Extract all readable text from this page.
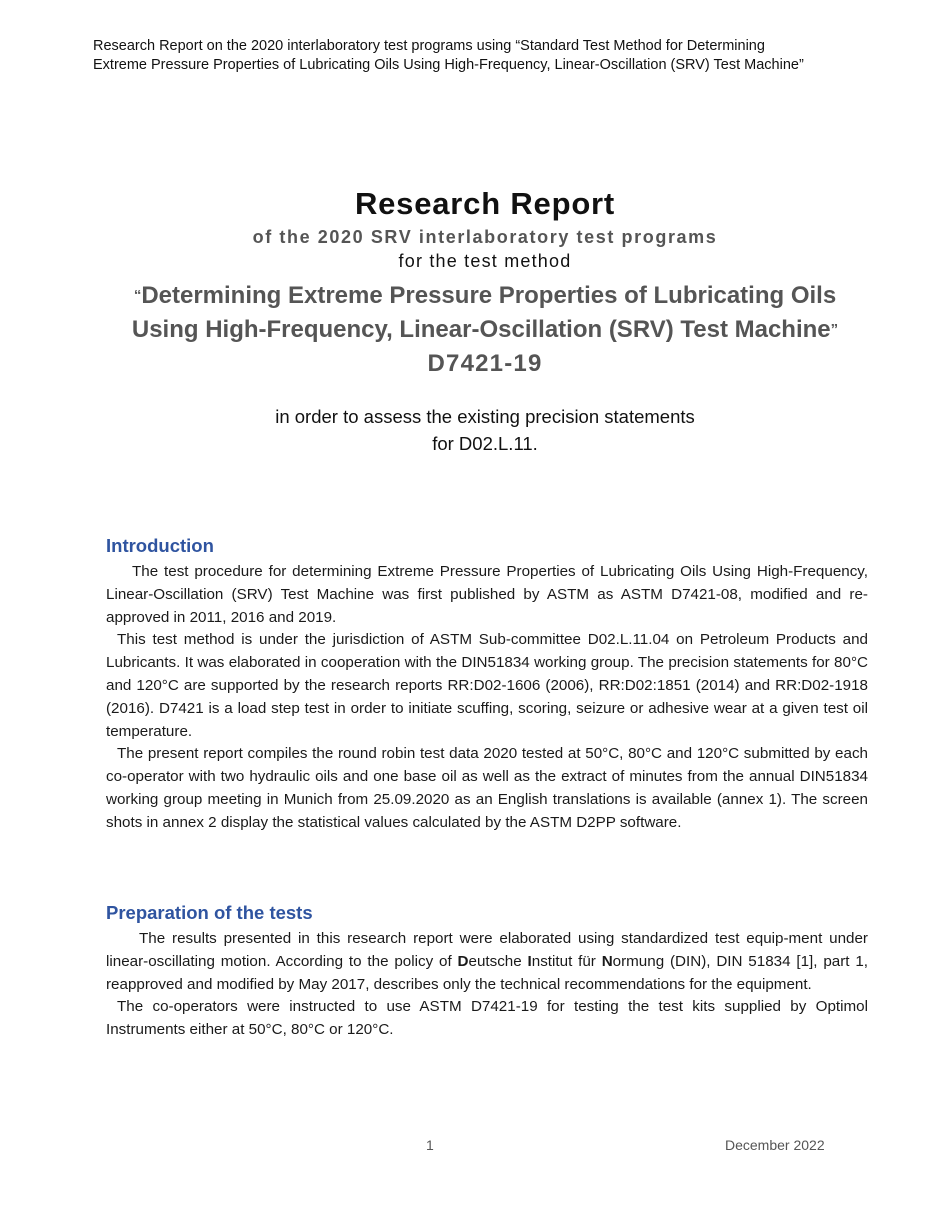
Research Report on the 2020 interlaboratory test programs using “Standard Test Method for Determining
Extreme Pressure Properties of Lubricating Oils Using High-Frequency, Linear-Oscillation (SRV) Test Machine”
Research Report
of the 2020 SRV interlaboratory test programs
for the test method
“Determining Extreme Pressure Properties of Lubricating Oils
Using High-Frequency, Linear-Oscillation (SRV) Test Machine”
D7421-19
in order to assess the existing precision statements
for D02.L.11.
Introduction

The test procedure for determining Extreme Pressure Properties of Lubricating Oils Using High-Frequency, Linear-Oscillation (SRV) Test Machine was first published by ASTM as ASTM D7421-08, modified and re-approved in 2011, 2016 and 2019.

This test method is under the jurisdiction of ASTM Sub-committee D02.L.11.04 on Petroleum Products and Lubricants. It was elaborated in cooperation with the DIN51834 working group. The precision statements for 80°C and 120°C are supported by the research reports RR:D02-1606 (2006), RR:D02:1851 (2014) and RR:D02-1918 (2016). D7421 is a load step test in order to initiate scuffing, scoring, seizure or adhesive wear at a given test oil temperature.

The present report compiles the round robin test data 2020 tested at 50°C, 80°C and 120°C submitted by each co-operator with two hydraulic oils and one base oil as well as the extract of minutes from the annual DIN51834 working group meeting in Munich from 25.09.2020 as an English translations is available (annex 1). The screen shots in annex 2 display the statistical values calculated by the ASTM D2PP software.

Preparation of the tests

The results presented in this research report were elaborated using standardized test equip-ment under linear-oscillating motion. According to the policy of Deutsche Institut für Normung (DIN), DIN 51834 [1], part 1, reapproved and modified by May 2017, describes only the technical recommendations for the equipment.

The co-operators were instructed to use ASTM D7421-19 for testing the test kits supplied by Optimol Instruments either at 50°C, 80°C or 120°C.

1	December 2022
